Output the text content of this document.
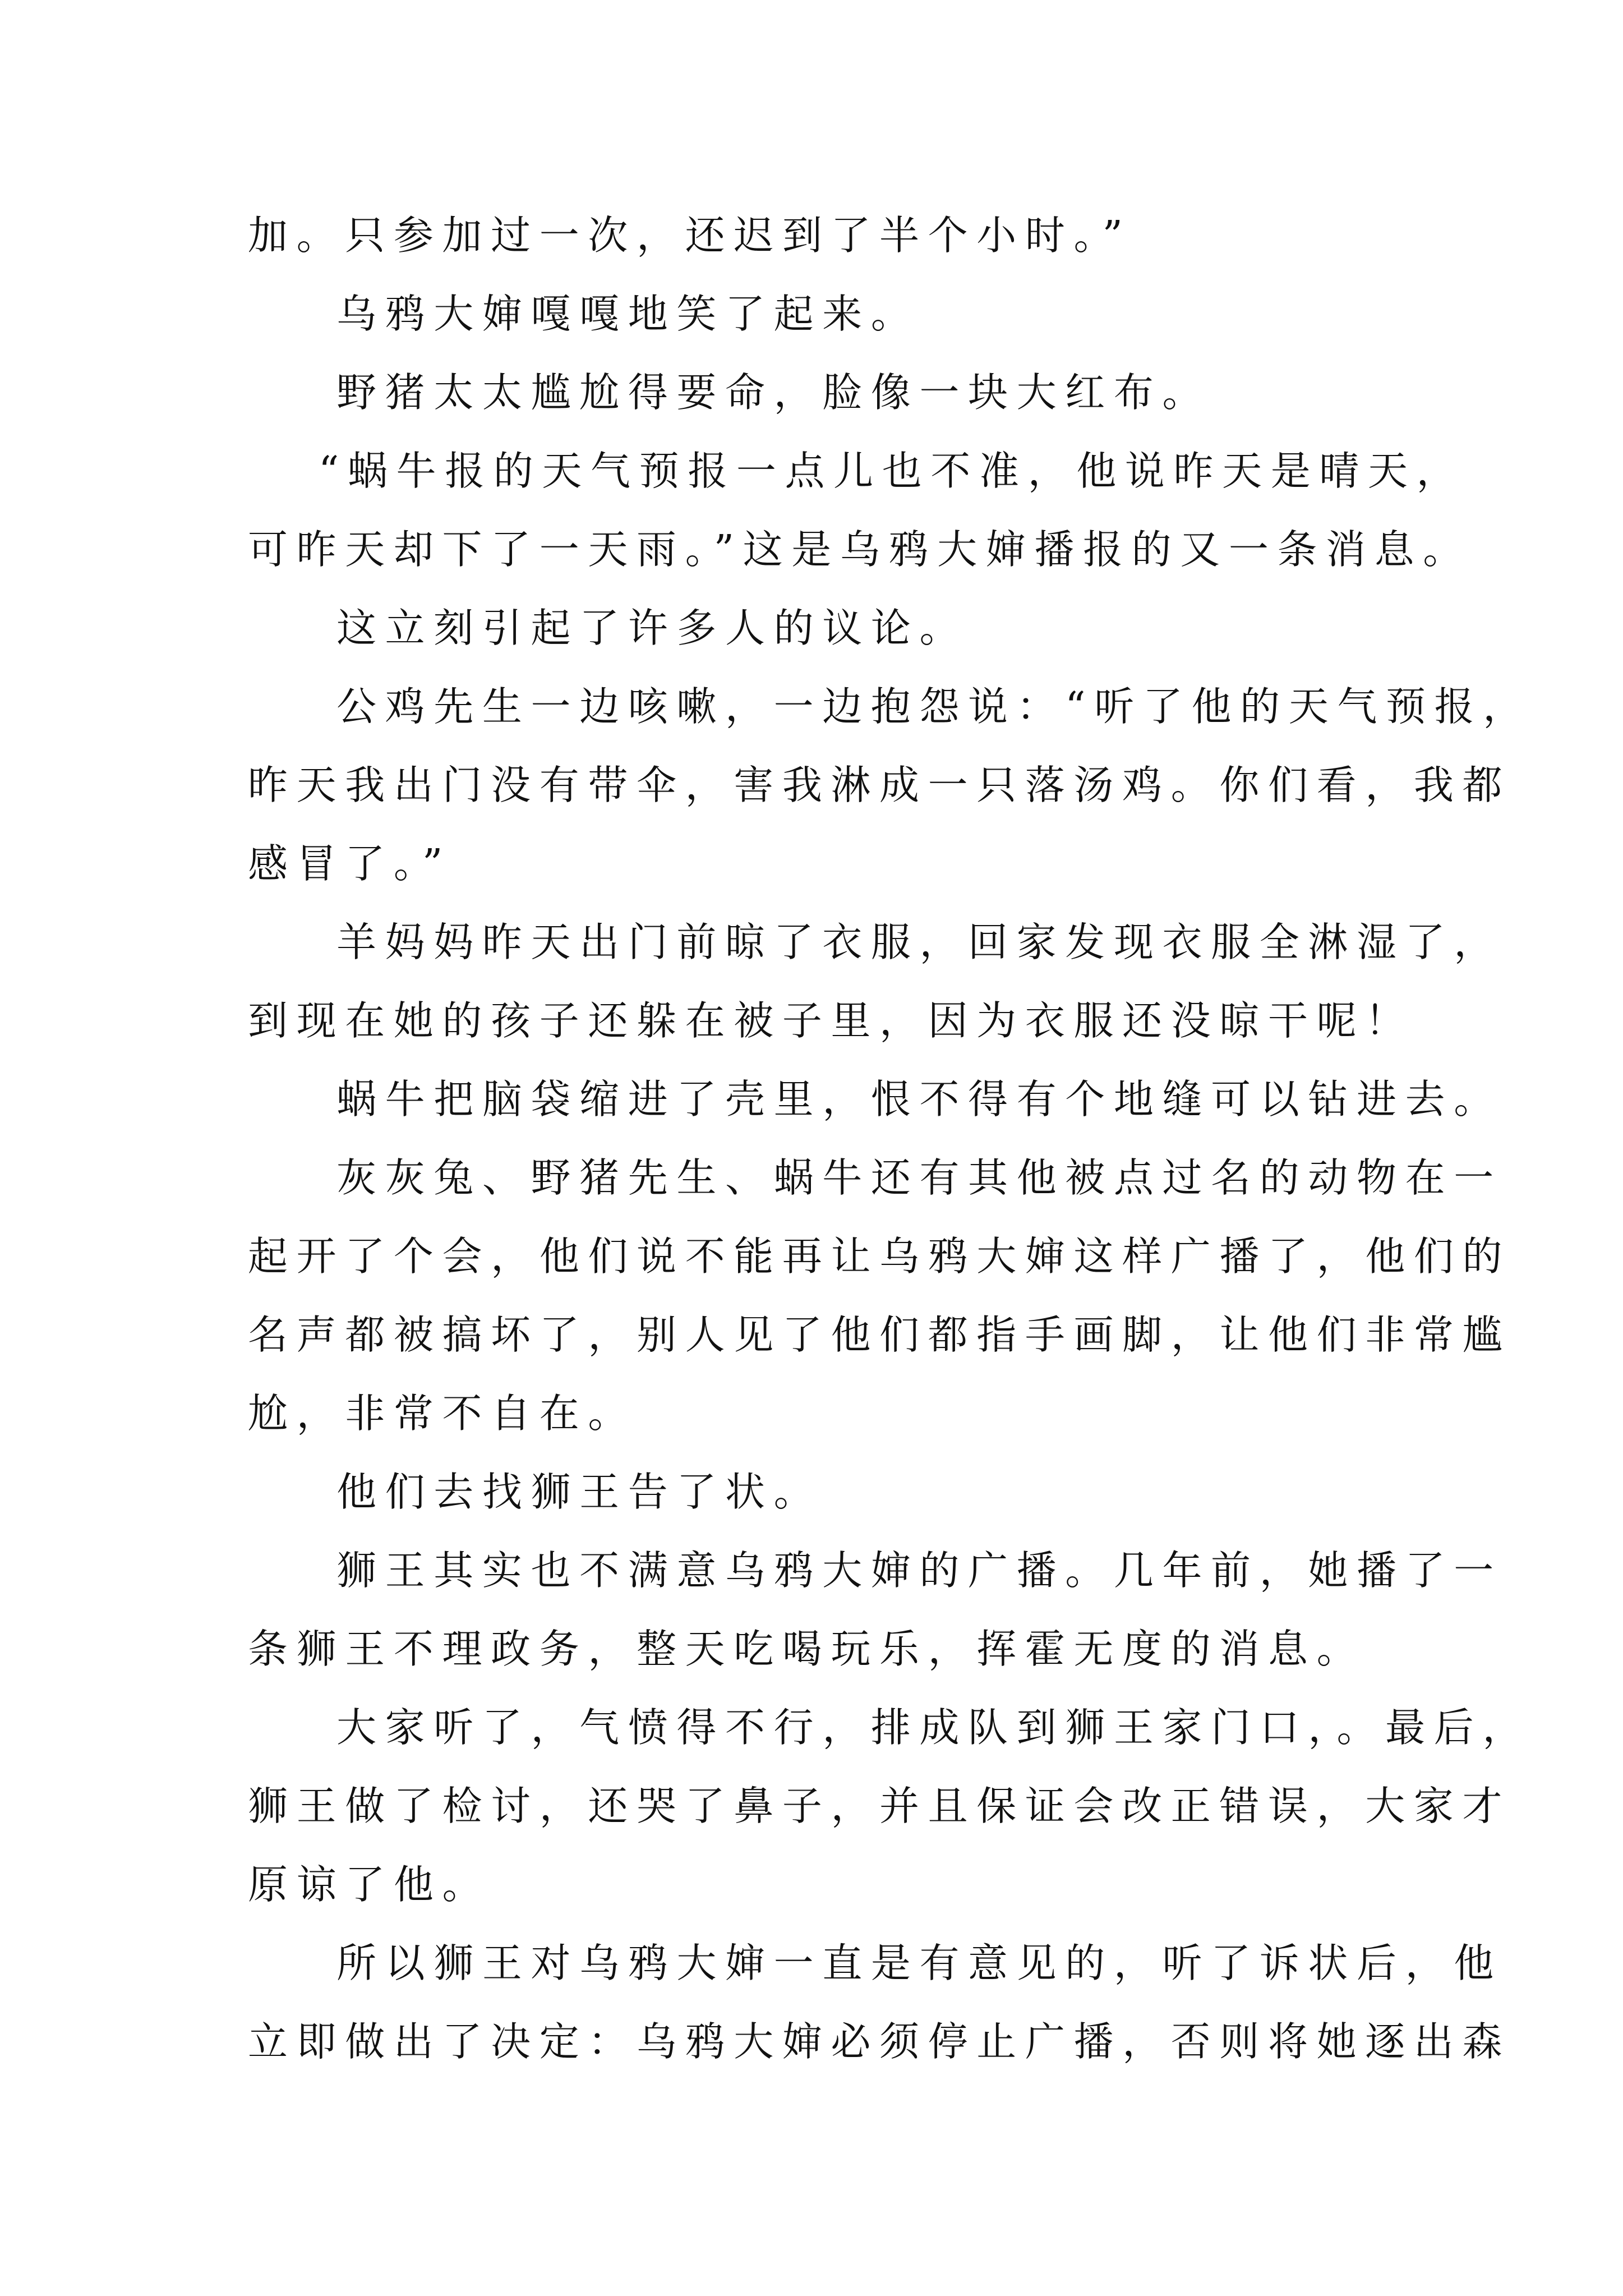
加。只参加过一次，还迟到了半个小时。”
乌鸦大婶嘎嘎地笑了起来。
野猪太太尴尬得要命，脸像一块大红布。
“蜗牛报的天气预报一点儿也不准，他说昨天是晴天，
可昨天却下了一天雨。”这是乌鸦大婶播报的又一条消息。
这立刻引起了许多人的议论。
公鸡先生一边咳嗽，一边抱怨说：“听了他的天气预报，
昨天我出门没有带伞，害我淋成一只落汤鸡。你们看，我都
感冒了。”
羊妈妈昨天出门前晾了衣服，回家发现衣服全淋湿了，
到现在她的孩子还躲在被子里，因为衣服还没晾干呢！
蜗牛把脑袋缩进了壳里，恨不得有个地缝可以钻进去。
灰灰兔、野猪先生、蜗牛还有其他被点过名的动物在一
起开了个会，他们说不能再让乌鸦大婶这样广播了，他们的
名声都被搞坏了，别人见了他们都指手画脚，让他们非常尴
尬，非常不自在。
他们去找狮王告了状。
狮王其实也不满意乌鸦大婶的广播。几年前，她播了一
条狮王不理政务，整天吃喝玩乐，挥霍无度的消息。
大家听了，气愤得不行，排成队到狮王家门口，。最后，
狮王做了检讨，还哭了鼻子，并且保证会改正错误，大家才
原谅了他。
所以狮王对乌鸦大婶一直是有意见的，听了诉状后，他
立即做出了决定：乌鸦大婶必须停止广播，否则将她逐出森
